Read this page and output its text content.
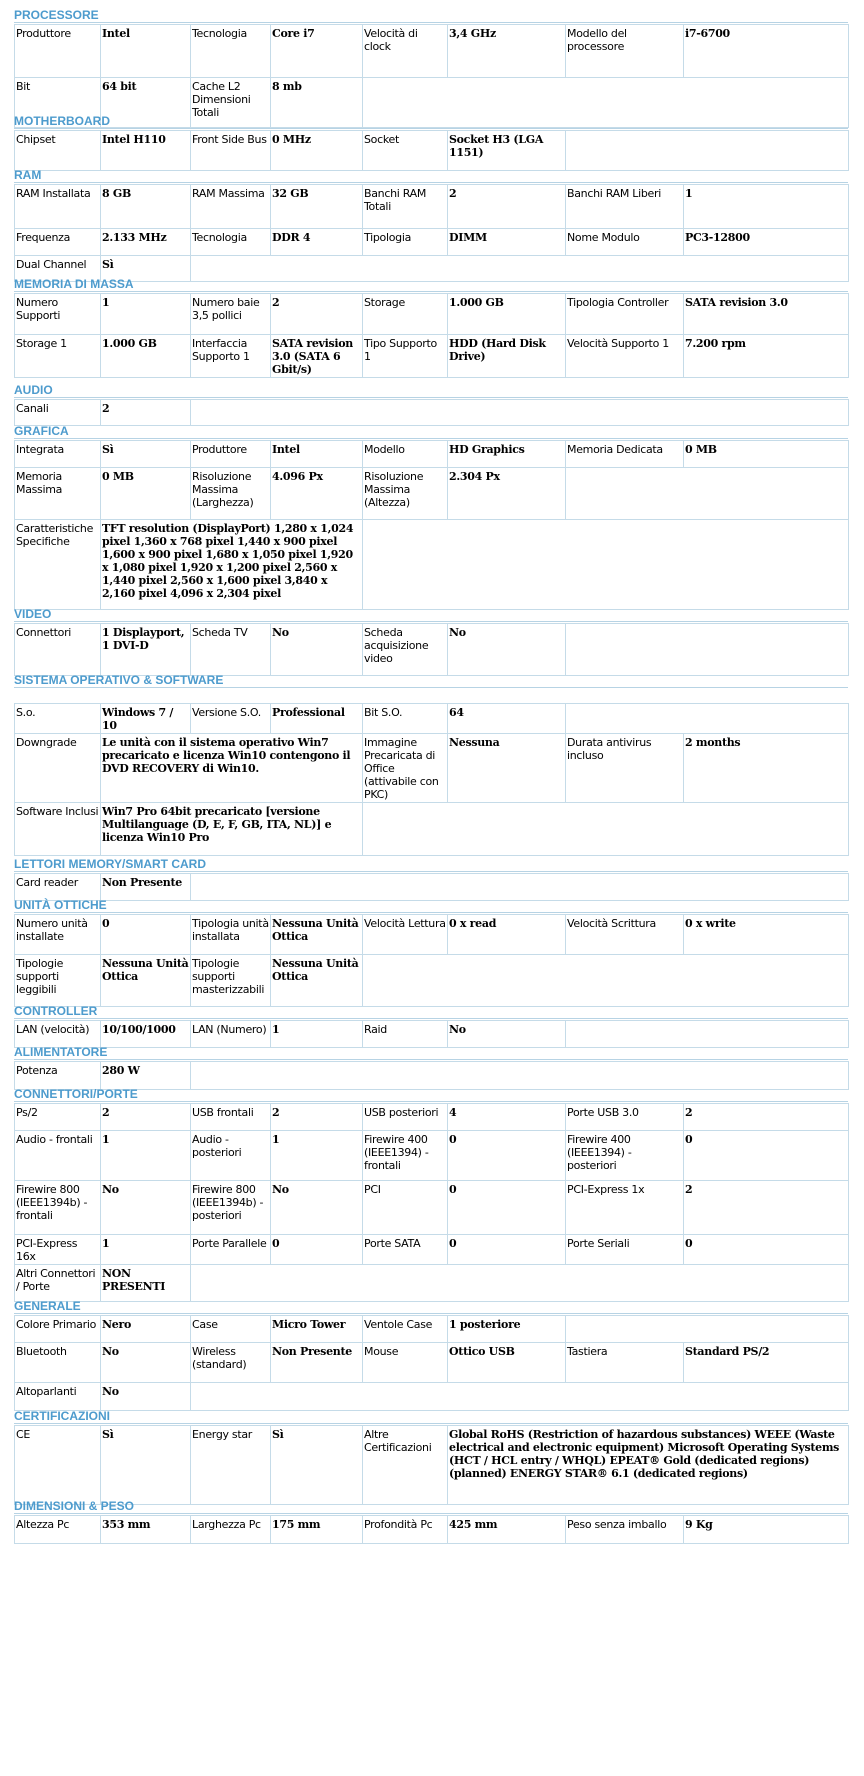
PROCESSORE
Produttore	Intel	Tecnologia	Core i7	Velocità di clock	3,4 GHz	Modello del processore	i7-6700
Bit	64 bit	Cache L2 Dimensioni Totali	8 mb				
MOTHERBOARD
Chipset	Intel H110	Front Side Bus	0 MHz	Socket	Socket H3 (LGA 1151)	
RAM
RAM Installata	8 GB	RAM Massima	32 GB	Banchi RAM Totali	2	Banchi RAM Liberi	1
Frequenza	2.133 MHz	Tecnologia	DDR 4	Tipologia	DIMM	Nome Modulo	PC3-12800
Dual Channel	Sì						
MEMORIA DI MASSA
Numero Supporti	1	Numero baie 3,5 pollici	2	Storage	1.000 GB	Tipologia Controller	SATA revision 3.0
Storage 1	1.000 GB	Interfaccia Supporto 1	SATA revision 3.0 (SATA 6 Gbit/s)	Tipo Supporto 1	HDD (Hard Disk Drive)	Velocità Supporto 1	7.200 rpm
AUDIO
Canali	2	
GRAFICA
Integrata	Sì	Produttore	Intel	Modello	HD Graphics	Memoria Dedicata	0 MB
Memoria Massima	0 MB	Risoluzione Massima (Larghezza)	4.096 Px	Risoluzione Massima (Altezza)	2.304 Px		
Caratteristiche Specifiche	TFT resolution (DisplayPort) 1,280 x 1,024 pixel 1,360 x 768 pixel 1,440 x 900 pixel 1,600 x 900 pixel 1,680 x 1,050 pixel 1,920 x 1,080 pixel 1,920 x 1,200 pixel 2,560 x 1,440 pixel 2,560 x 1,600 pixel 3,840 x 2,160 pixel 4,096 x 2,304 pixel						
VIDEO
Connettori	1 Displayport, 1 DVI-D	Scheda TV	No	Scheda acquisizione video	No	
SISTEMA OPERATIVO & SOFTWARE
S.o.	Windows 7 / 10	Versione S.O.	Professional	Bit S.O.	64		
Downgrade	Le unità con il sistema operativo Win7 precaricato e licenza Win10 contengono il DVD RECOVERY di Win10.			Immagine Precaricata di Office (attivabile con PKC)	Nessuna	Durata antivirus incluso	2 months
Software Inclusi	Win7 Pro 64bit precaricato [versione Multilanguage (D, E, F, GB, ITA, NL)] e licenza Win10 Pro						
LETTORI MEMORY/SMART CARD
Card reader	Non Presente	
UNITÀ OTTICHE
Numero unità installate	0	Tipologia unità installata	Nessuna Unità Ottica	Velocità Lettura	0 x read	Velocità Scrittura	0 x write
Tipologie supporti leggibili	Nessuna Unità Ottica	Tipologie supporti masterizzabili	Nessuna Unità Ottica				
CONTROLLER
LAN (velocità)	10/100/1000	LAN (Numero)	1	Raid	No	
ALIMENTATORE
Potenza	280 W	
CONNETTORI/PORTE
Ps/2	2	USB frontali	2	USB posteriori	4	Porte USB 3.0	2
Audio - frontali	1	Audio - posteriori	1	Firewire 400 (IEEE1394) - frontali	0	Firewire 400 (IEEE1394) - posteriori	0
Firewire 800 (IEEE1394b) - frontali	No	Firewire 800 (IEEE1394b) - posteriori	No	PCI	0	PCI-Express 1x	2
PCI-Express 16x	1	Porte Parallele	0	Porte SATA	0	Porte Seriali	0
Altri Connettori / Porte	NON PRESENTI						
GENERALE
Colore Primario	Nero	Case	Micro Tower	Ventole Case	1 posteriore		
Bluetooth	No	Wireless (standard)	Non Presente	Mouse	Ottico USB	Tastiera	Standard PS/2
Altoparlanti	No						
CERTIFICAZIONI
CE	Sì	Energy star	Sì	Altre Certificazioni	Global RoHS (Restriction of hazardous substances) WEEE (Waste electrical and electronic equipment) Microsoft Operating Systems (HCT / HCL entry / WHQL) EPEAT® Gold (dedicated regions) (planned) ENERGY STAR® 6.1 (dedicated regions)
DIMENSIONI & PESO
Altezza Pc	353 mm	Larghezza Pc	175 mm	Profondità Pc	425 mm	Peso senza imballo	9 Kg
